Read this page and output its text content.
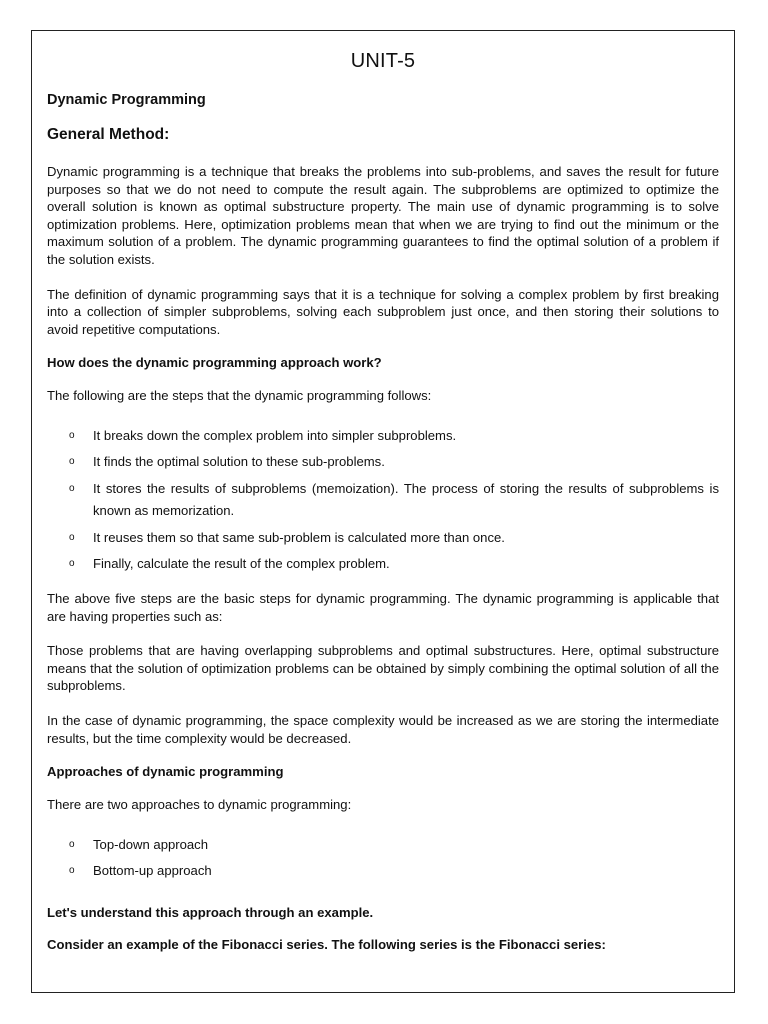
UNIT-5
Dynamic Programming
General Method:

Dynamic programming is a technique that breaks the problems into sub-problems, and saves the result for future purposes so that we do not need to compute the result again. The subproblems are optimized to optimize the overall solution is known as optimal substructure property. The main use of dynamic programming is to solve optimization problems. Here, optimization problems mean that when we are trying to find out the minimum or the maximum solution of a problem. The dynamic programming guarantees to find the optimal solution of a problem if the solution exists.

The definition of dynamic programming says that it is a technique for solving a complex problem by first breaking into a collection of simpler subproblems, solving each subproblem just once, and then storing their solutions to avoid repetitive computations.

How does the dynamic programming approach work?

The following are the steps that the dynamic programming follows:

o It breaks down the complex problem into simpler subproblems.
o It finds the optimal solution to these sub-problems.
o It stores the results of subproblems (memoization). The process of storing the results of subproblems is known as memorization.
o It reuses them so that same sub-problem is calculated more than once.
o Finally, calculate the result of the complex problem.

The above five steps are the basic steps for dynamic programming. The dynamic programming is applicable that are having properties such as:

Those problems that are having overlapping subproblems and optimal substructures. Here, optimal substructure means that the solution of optimization problems can be obtained by simply combining the optimal solution of all the subproblems.

In the case of dynamic programming, the space complexity would be increased as we are storing the intermediate results, but the time complexity would be decreased.

Approaches of dynamic programming

There are two approaches to dynamic programming:

o Top-down approach
o Bottom-up approach
Let's understand this approach through an example.
Consider an example of the Fibonacci series. The following series is the Fibonacci series:
